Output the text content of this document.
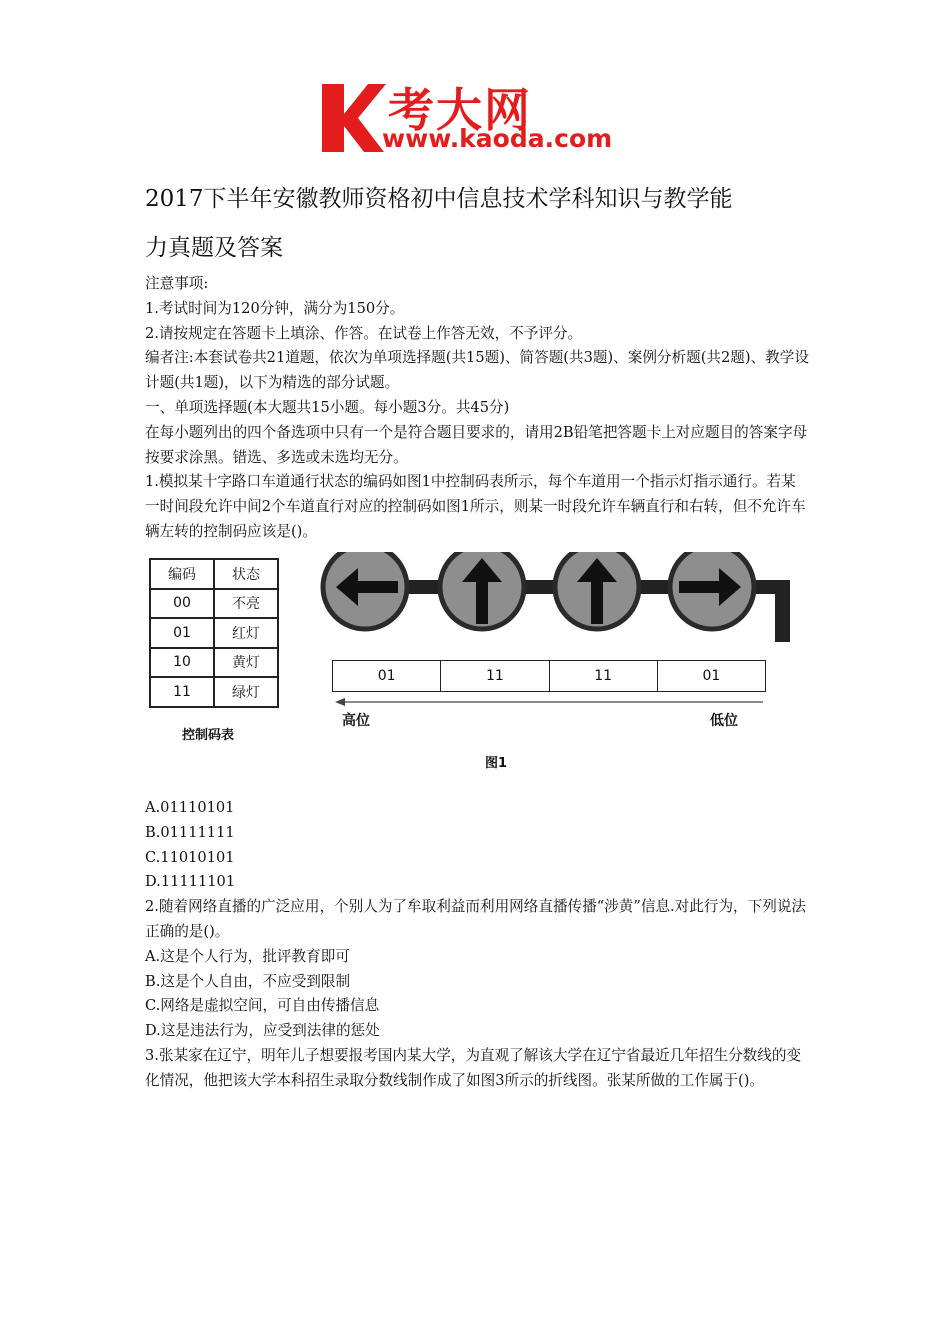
考大网
www.kaoda.com
2017下半年安徽教师资格初中信息技术学科知识与教学能
力真题及答案

注意事项:

1.考试时间为120分钟，满分为150分。

2.请按规定在答题卡上填涂、作答。在试卷上作答无效，不予评分。

编者注:本套试卷共21道题，依次为单项选择题(共15题)、简答题(共3题)、案例分析题(共2题)、教学设计题(共1题)，以下为精选的部分试题。

一、单项选择题(本大题共15小题。每小题3分。共45分)

在每小题列出的四个备选项中只有一个是符合题目要求的，请用2B铅笔把答题卡上对应题目的答案字母按要求涂黑。错选、多选或未选均无分。

1.模拟某十字路口车道通行状态的编码如图1中控制码表所示，每个车道用一个指示灯指示通行。若某一时间段允许中间2个车道直行对应的控制码如图1所示，则某一时段允许车辆直行和右转，但不允许车辆左转的控制码应该是()。

编码	状态
00	不亮
01	红灯
10	黄灯
11	绿灯
控制码表
01	11	11	01
高位	低位
图1

A.01110101

B.01111111

C.11010101

D.11111101

2.随着网络直播的广泛应用，个别人为了牟取利益而利用网络直播传播“涉黄”信息.对此行为，下列说法正确的是()。

A.这是个人行为，批评教育即可

B.这是个人自由，不应受到限制

C.网络是虚拟空间，可自由传播信息

D.这是违法行为，应受到法律的惩处

3.张某家在辽宁，明年儿子想要报考国内某大学，为直观了解该大学在辽宁省最近几年招生分数线的变化情况，他把该大学本科招生录取分数线制作成了如图3所示的折线图。张某所做的工作属于()。
